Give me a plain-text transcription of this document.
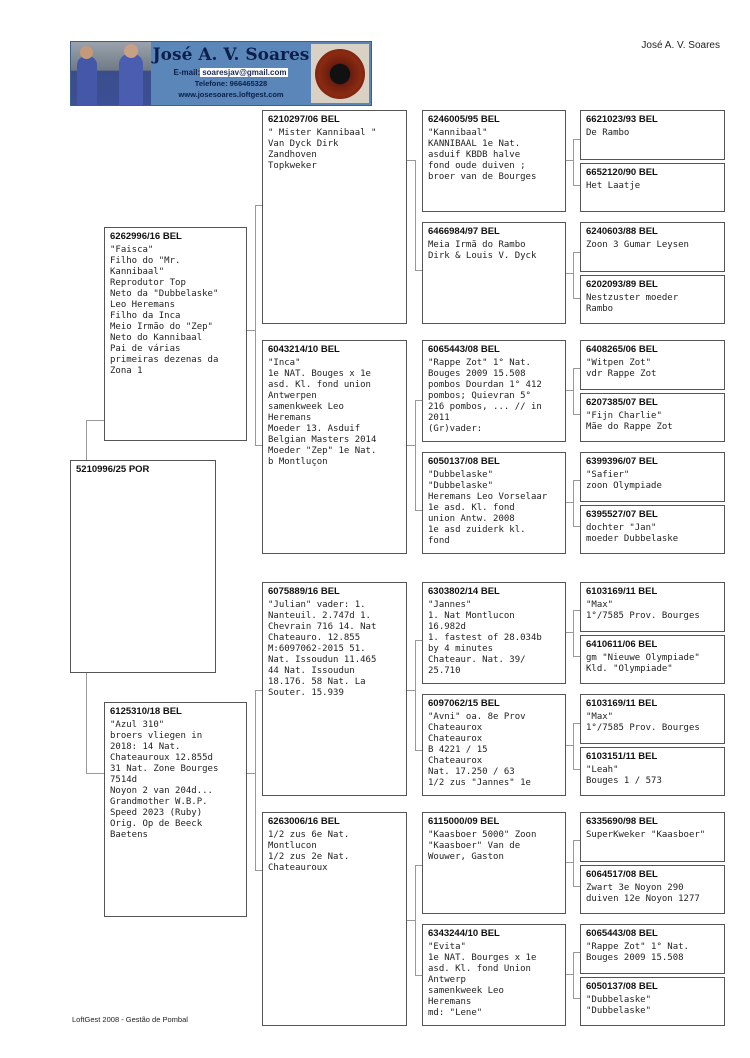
José A. V. Soares
E-mail: soaresjav@gmail.com
Telefone: 966465328
www.josesoares.loftgest.com
José A. V. Soares
5210996/25 POR
6262996/16 BEL
"Faisca"
Filho do "Mr.
Kannibaal"
Reprodutor Top
Neto da "Dubbelaske"
Leo Heremans
Filho da Inca
Meio Irmão do "Zep"
Neto do Kannibaal
Pai de várias
primeiras dezenas da
Zona 1
6125310/18 BEL
"Azul 310"
broers vliegen in
2018: 14 Nat.
Chateauroux 12.855d
31 Nat. Zone Bourges
7514d
Noyon 2 van 204d...
Grandmother W.B.P.
Speed 2023 (Ruby)
Orig. Op de Beeck
Baetens
6210297/06 BEL
" Mister Kannibaal "
Van Dyck Dirk
Zandhoven
Topkweker
6043214/10 BEL
"Inca"
1e NAT. Bouges x 1e
asd. Kl. fond union
Antwerpen
samenkweek Leo
Heremans
Moeder 13. Asduif
Belgian Masters 2014
Moeder "Zep" 1e Nat.
b Montluçon
6075889/16 BEL
"Julian" vader: 1.
Nanteuil. 2.747d 1.
Chevrain 716 14. Nat
Chateauro. 12.855
M:6097062-2015 51.
Nat. Issoudun 11.465
44 Nat. Issoudun
18.176. 58 Nat. La
Souter. 15.939
6263006/16 BEL
1/2 zus 6e Nat.
Montlucon
1/2 zus 2e Nat.
Chateauroux
6246005/95 BEL
"Kannibaal"
KANNIBAAL 1e Nat.
asduif KBDB halve
fond oude duiven ;
broer van de Bourges
6466984/97 BEL
Meia Irmã do Rambo
Dirk & Louis V. Dyck
6065443/08 BEL
"Rappe Zot" 1° Nat.
Bouges 2009 15.508
pombos Dourdan 1° 412
pombos; Quievran 5°
216 pombos, ... // in
2011
(Gr)vader:
6050137/08 BEL
"Dubbelaske"
"Dubbelaske"
Heremans Leo Vorselaar
1e asd. Kl. fond
union Antw. 2008
1e asd zuiderk kl.
fond
6303802/14 BEL
"Jannes"
1. Nat Montlucon
16.982d
1. fastest of 28.034b
by 4 minutes
Chateaur. Nat. 39/
25.710
6097062/15 BEL
"Avni" oa. 8e Prov
Chateaurox
Chateaurox
B 4221 / 15
Chateaurox
Nat. 17.250 / 63
1/2 zus "Jannes" 1e
6115000/09 BEL
"Kaasboer 5000" Zoon
"Kaasboer" Van de
Wouwer, Gaston
6343244/10 BEL
"Evita"
1e NAT. Bourges x 1e
asd. Kl. fond Union
Antwerp
samenkweek Leo
Heremans
md: "Lene"
6621023/93 BEL
De Rambo
6652120/90 BEL
Het Laatje
6240603/88 BEL
Zoon 3 Gumar Leysen
6202093/89 BEL
Nestzuster moeder
Rambo
6408265/06 BEL
"Witpen Zot"
vdr Rappe Zot
6207385/07 BEL
"Fijn Charlie"
Mãe do Rappe Zot
6399396/07 BEL
"Safier"
zoon Olympiade
6395527/07 BEL
dochter "Jan"
moeder Dubbelaske
6103169/11 BEL
"Max"
1°/7585 Prov. Bourges
6410611/06 BEL
gm "Nieuwe Olympiade"
Kld. "Olympiade"
6103169/11 BEL
"Max"
1°/7585 Prov. Bourges
6103151/11 BEL
"Leah"
Bouges 1 / 573
6335690/98 BEL
SuperKweker "Kaasboer"
6064517/08 BEL
Zwart 3e Noyon 290
duiven 12e Noyon 1277
6065443/08 BEL
"Rappe Zot" 1° Nat.
Bouges 2009 15.508
6050137/08 BEL
"Dubbelaske"
"Dubbelaske"
LoftGest 2008 - Gestão de Pombal
